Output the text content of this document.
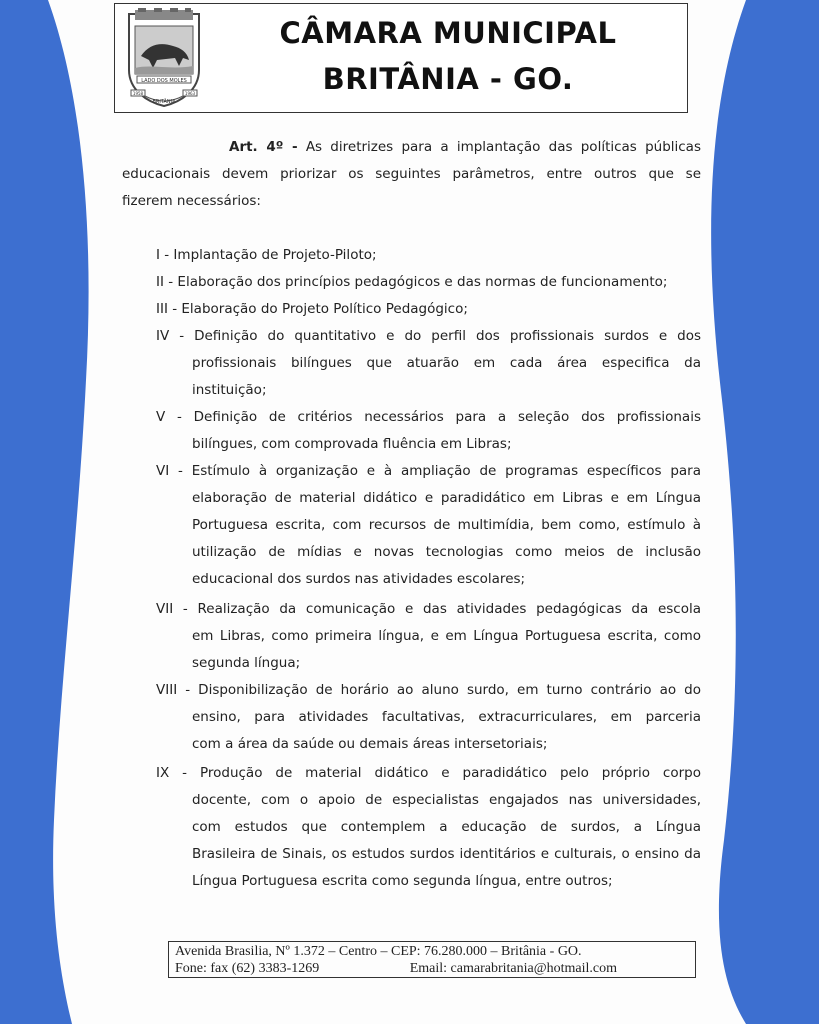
LADO DOS MOLES
1958	1963
BRITÂNIA
CÂMARA MUNICIPAL
BRITÂNIA - GO.
Art. 4º - As diretrizes para a implantação das políticas públicas
educacionais devem priorizar os seguintes parâmetros, entre outros que se
fizerem necessários:
I - Implantação de Projeto-Piloto;
II - Elaboração dos princípios pedagógicos e das normas de funcionamento;
III - Elaboração do Projeto Político Pedagógico;
IV - Definição do quantitativo e do perfil dos profissionais surdos e dos
profissionais bilíngues que atuarão em cada área especifica da
instituição;
V - Definição de critérios necessários para a seleção dos profissionais
bilíngues, com comprovada fluência em Libras;
VI - Estímulo à organização e à ampliação de programas específicos para
elaboração de material didático e paradidático em Libras e em Língua
Portuguesa escrita, com recursos de multimídia, bem como, estímulo à
utilização de mídias e novas tecnologias como meios de inclusão
educacional dos surdos nas atividades escolares;
VII - Realização da comunicação e das atividades pedagógicas da escola
em Libras, como primeira língua, e em Língua Portuguesa escrita, como
segunda língua;
VIII - Disponibilização de horário ao aluno surdo, em turno contrário ao do
ensino, para atividades facultativas, extracurriculares, em parceria
com a área da saúde ou demais áreas intersetoriais;
IX - Produção de material didático e paradidático pelo próprio corpo
docente, com o apoio de especialistas engajados nas universidades,
com estudos que contemplem a educação de surdos, a Língua
Brasileira de Sinais, os estudos surdos identitários e culturais, o ensino da
Língua Portuguesa escrita como segunda língua, entre outros;
Avenida Brasilia, Nº 1.372 – Centro – CEP: 76.280.000 – Britânia - GO.
Fone: fax (62) 3383-1269	Email: camarabritania@hotmail.com
